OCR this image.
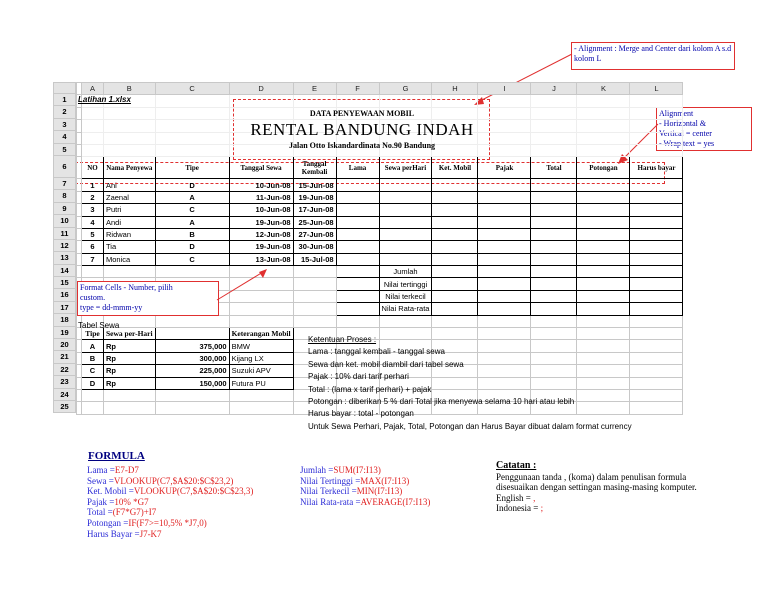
- Alignment : Merge and Center dari kolom A s.d kolom L
Alignment
- Horizontal &
Vertical = center
- Wrap text = yes
	A	B	C	D	E	F	G	H	I	J	K	L

	NO	Nama Penyewa	Tipe	Tanggal Sewa	Tanggal Kembali	Lama	Sewa perHari	Ket. Mobil	Pajak	Total	Potongan	Harus bayar
	1	Ani	D	10-Jun-08	15-Jun-08							
	2	Zaenal	A	11-Jun-08	19-Jun-08							
	3	Putri	C	10-Jun-08	17-Jun-08							
	4	Andi	A	19-Jun-08	25-Jun-08							
	5	Ridwan	B	12-Jun-08	27-Jun-08							
	6	Tia	D	19-Jun-08	30-Jun-08							
	7	Monica	C	13-Jun-08	15-Jul-08							
							Jumlah					
							Nilai tertinggi					
							Nilai terkecil					
							Nilai Rata-rata					

	Tipe	Sewa per-Hari		Keterangan Mobil								
	A	Rp	375,000	BMW								
	B	Rp	300,000	Kijang LX								
	C	Rp	225,000	Suzuki APV								
	D	Rp	150,000	Futura PU								

1
2
3
4
5
6
7
8
9
10
11
12
13
14
15
16
17
18
19
20
21
22
23
24
25
Latihan 1.xlsx
DATA PENYEWAAN MOBIL
RENTAL BANDUNG INDAH
Jalan Otto Iskandardinata No.90 Bandung
Tabel Sewa
Ketentuan Proses :
Lama : tanggal kembali - tanggal sewa
Sewa dan ket. mobil diambil dari tabel sewa
Pajak : 10% dari tarif perhari
Total : (lama x tarif perhari) + pajak
Potongan : diberikan 5 % dari Total jika menyewa selama 10 hari atau lebih
Harus bayar : total - potongan
Untuk Sewa Perhari, Pajak, Total, Potongan dan Harus Bayar dibuat dalam format currency
Format Cells - Number, pilih
custom.
type = dd-mmm-yy
FORMULA
Lama =E7-D7
Sewa =VLOOKUP(C7,$A$20:$C$23,2)
Ket. Mobil =VLOOKUP(C7,$A$20:$C$23,3)
Pajak =10% *G7
Total =(F7*G7)+I7
Potongan =IF(F7>=10,5% *J7,0)
Harus Bayar =J7-K7
Jumlah =SUM(I7:I13)
Nilai Tertinggi =MAX(I7:I13)
Nilai Terkecil =MIN(I7:I13)
Nilai Rata-rata =AVERAGE(I7:I13)
Catatan :
Penggunaan tanda , (koma) dalam penulisan formula
disesuaikan dengan settingan masing-masing komputer.
English = ,
Indonesia = ;
